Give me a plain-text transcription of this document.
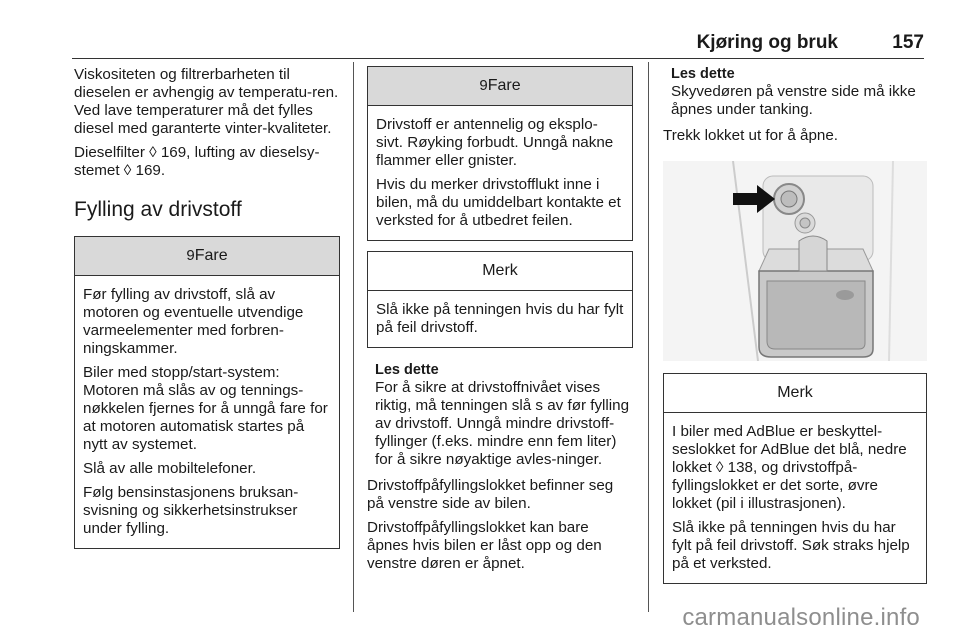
Kjøring og bruk	157

Viskositeten og filtrerbarheten til dieselen er avhengig av temperatu-ren. Ved lave temperaturer må det fylles diesel med garanterte vinter-kvaliteter.

Dieselfilter ◊ 169, lufting av dieselsy-stemet ◊ 169.

Fylling av drivstoff
9Fare

Før fylling av drivstoff, slå av motoren og eventuelle utvendige varmeelementer med forbren-ningskammer.

Biler med stopp/start-system: Motoren må slås av og tennings-nøkkelen fjernes for å unngå fare for at motoren automatisk startes på nytt av systemet.

Slå av alle mobiltelefoner.

Følg bensinstasjonens bruksan-svisning og sikkerhetsinstrukser under fylling.

9Fare

Drivstoff er antennelig og eksplo-sivt. Røyking forbudt. Unngå nakne flammer eller gnister.

Hvis du merker drivstofflukt inne i bilen, må du umiddelbart kontakte et verksted for å utbedret feilen.

Merk

Slå ikke på tenningen hvis du har fylt på feil drivstoff.

Les dette
For å sikre at drivstoffnivået vises riktig, må tenningen slå s av før fylling av drivstoff. Unngå mindre drivstoff-fyllinger (f.eks. mindre enn fem liter) for å sikre nøyaktige avles-ninger.

Drivstoffpåfyllingslokket befinner seg på venstre side av bilen.

Drivstoffpåfyllingslokket kan bare åpnes hvis bilen er låst opp og den venstre døren er åpnet.

Les dette
Skyvedøren på venstre side må ikke åpnes under tanking.

Trekk lokket ut for å åpne.

Merk

I biler med AdBlue er beskyttel-seslokket for AdBlue det blå, nedre lokket ◊ 138, og drivstoffpå-fyllingslokket er det sorte, øvre lokket (pil i illustrasjonen).

Slå ikke på tenningen hvis du har fylt på feil drivstoff. Søk straks hjelp på et verksted.

carmanualsonline.info
